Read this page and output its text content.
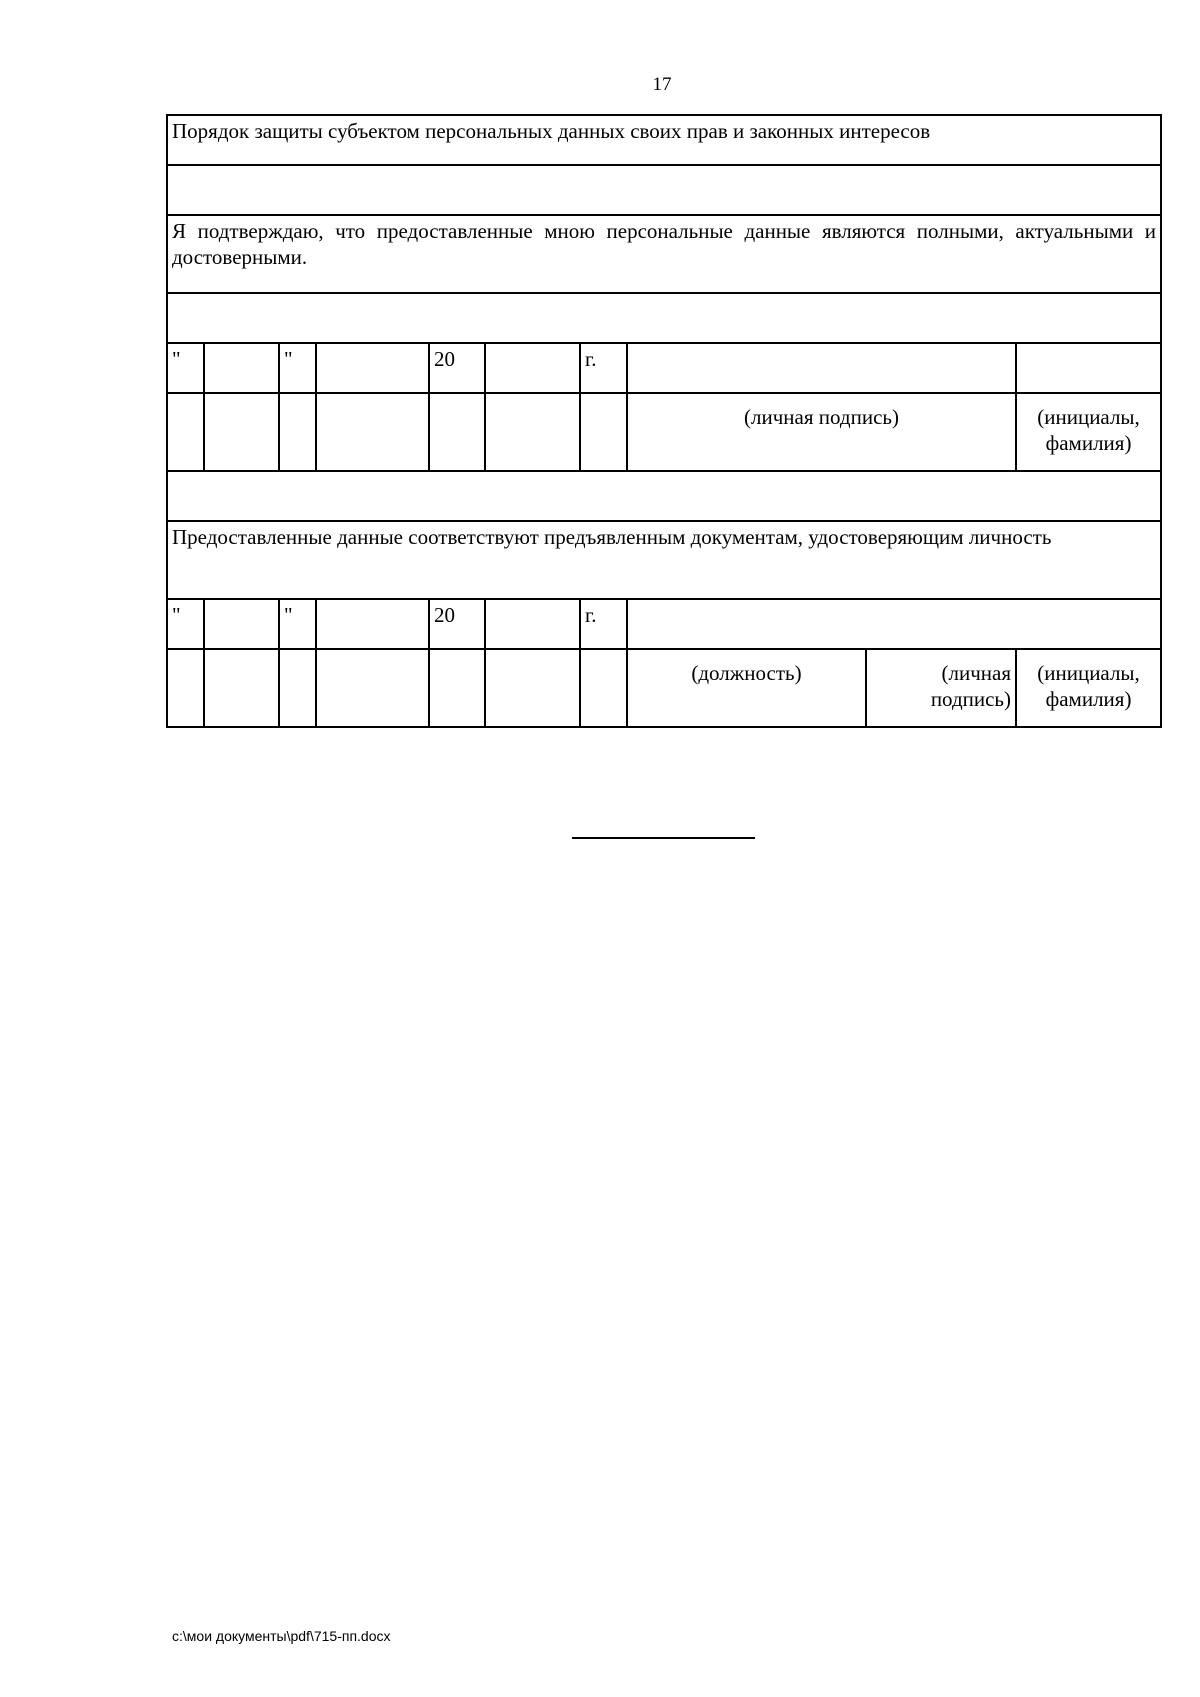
17
Порядок защиты субъектом персональных данных своих прав и законных интересов									

Я подтверждаю, что предоставленные мною персональные данные являются полными, актуальными и достоверными.									

"		"		20		г.			
							(личная подпись)		(инициалы, фамилия)

Предоставленные данные соответствуют предъявленным документам, удостоверяющим личность									
"		"		20		г.			
							(должность)	(личная подпись)	(инициалы, фамилия)
c:\мои документы\pdf\715-пп.docx
